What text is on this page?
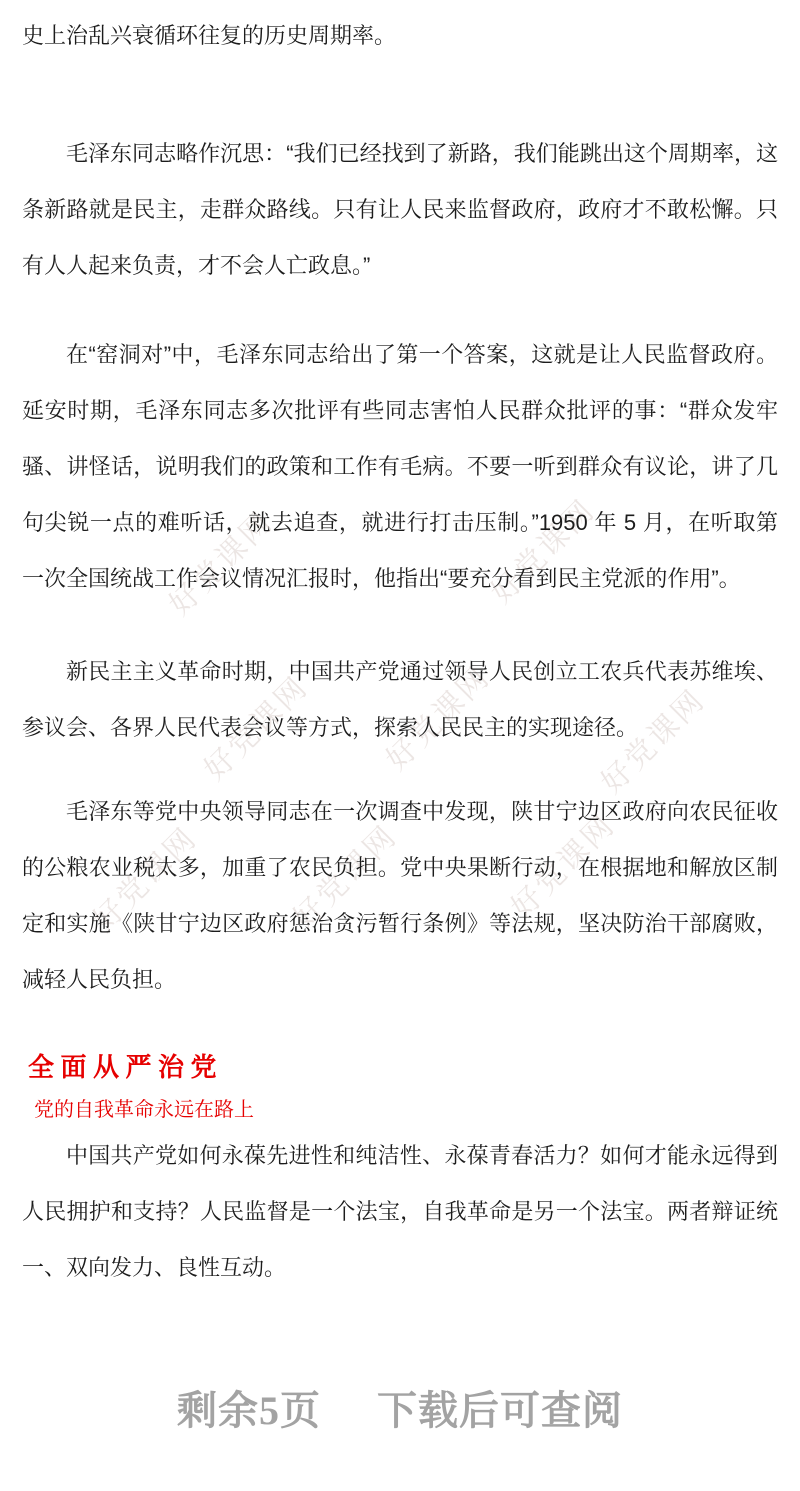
好党课网	好党课网
好党课网 好党课网	好党课网
好党课网	好党课网	好党课网

史上治乱兴衰循环往复的历史周期率。

毛泽东同志略作沉思：“我们已经找到了新路，我们能跳出这个周期率，这条新路就是民主，走群众路线。只有让人民来监督政府，政府才不敢松懈。只有人人起来负责，才不会人亡政息。”

在“窑洞对”中，毛泽东同志给出了第一个答案，这就是让人民监督政府。延安时期，毛泽东同志多次批评有些同志害怕人民群众批评的事：“群众发牢骚、讲怪话，说明我们的政策和工作有毛病。不要一听到群众有议论，讲了几句尖锐一点的难听话，就去追查，就进行打击压制。”1950 年 5 月，在听取第一次全国统战工作会议情况汇报时，他指出“要充分看到民主党派的作用”。

新民主主义革命时期，中国共产党通过领导人民创立工农兵代表苏维埃、参议会、各界人民代表会议等方式，探索人民民主的实现途径。

毛泽东等党中央领导同志在一次调查中发现，陕甘宁边区政府向农民征收的公粮农业税太多，加重了农民负担。党中央果断行动，在根据地和解放区制定和实施《陕甘宁边区政府惩治贪污暂行条例》等法规，坚决防治干部腐败，减轻人民负担。

全 面 从 严 治 党
党的自我革命永远在路上

中国共产党如何永葆先进性和纯洁性、永葆青春活力？如何才能永远得到人民拥护和支持？人民监督是一个法宝，自我革命是另一个法宝。两者辩证统一、双向发力、良性互动。

剩余5页 下载后可查阅
